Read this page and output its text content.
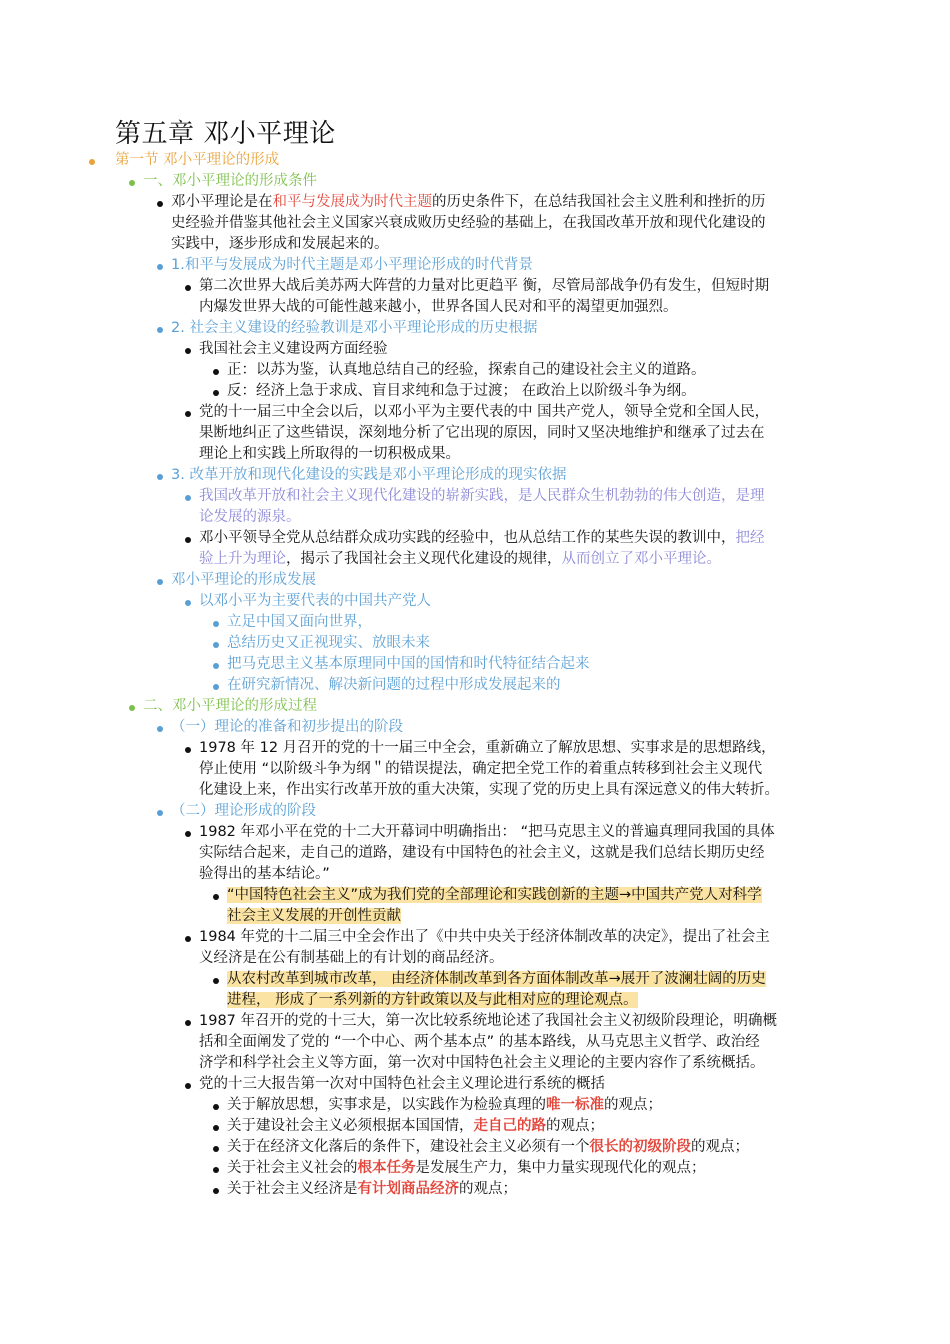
第五章 邓小平理论
第一节 邓小平理论的形成
一、邓小平理论的形成条件
邓小平理论是在和平与发展成为时代主题的历史条件下，在总结我国社会主义胜利和挫折的历
史经验并借鉴其他社会主义国家兴衰成败历史经验的基础上，在我国改革开放和现代化建设的
实践中，逐步形成和发展起来的。
1.和平与发展成为时代主题是邓小平理论形成的时代背景
第二次世界大战后美苏两大阵营的力量对比更趋平 衡，尽管局部战争仍有发生，但短时期
内爆发世界大战的可能性越来越小，世界各国人民对和平的渴望更加强烈。
2. 社会主义建设的经验教训是邓小平理论形成的历史根据
我国社会主义建设两方面经验
正：以苏为鉴，认真地总结自己的经验，探索自己的建设社会主义的道路。
反：经济上急于求成、盲目求纯和急于过渡； 在政治上以阶级斗争为纲。
党的十一届三中全会以后，以邓小平为主要代表的中 国共产党人，领导全党和全国人民，
果断地纠正了这些错误，深刻地分析了它出现的原因，同时又坚决地维护和继承了过去在
理论上和实践上所取得的一切积极成果。
3. 改革开放和现代化建设的实践是邓小平理论形成的现实依据
我国改革开放和社会主义现代化建设的崭新实践，是人民群众生机勃勃的伟大创造，是理
论发展的源泉。
邓小平领导全党从总结群众成功实践的经验中，也从总结工作的某些失误的教训中，把经
验上升为理论，揭示了我国社会主义现代化建设的规律，从而创立了邓小平理论。
邓小平理论的形成发展
以邓小平为主要代表的中国共产党人
立足中国又面向世界，
总结历史又正视现实、放眼未来
把马克思主义基本原理同中国的国情和时代特征结合起来
在研究新情况、解决新问题的过程中形成发展起来的
二、邓小平理论的形成过程
（一）理论的准备和初步提出的阶段
1978 年 12 月召开的党的十一届三中全会，重新确立了解放思想、实事求是的思想路线，
停止使用 “以阶级斗争为纲＂的错误提法，确定把全党工作的着重点转移到社会主义现代
化建设上来，作出实行改革开放的重大决策，实现了党的历史上具有深远意义的伟大转折。
（二）理论形成的阶段
1982 年邓小平在党的十二大开幕词中明确指出： “把马克思主义的普遍真理同我国的具体
实际结合起来，走自己的道路，建设有中国特色的社会主义，这就是我们总结长期历史经
验得出的基本结论。”
“中国特色社会主义”成为我们党的全部理论和实践创新的主题→中国共产党人对科学
社会主义发展的开创性贡献
1984 年党的十二届三中全会作出了《中共中央关于经济体制改革的决定》，提出了社会主
义经济是在公有制基础上的有计划的商品经济。
从农村改革到城市改革， 由经济体制改革到各方面体制改革→展开了波澜壮阔的历史
进程， 形成了一系列新的方针政策以及与此相对应的理论观点。
1987 年召开的党的十三大，第一次比较系统地论述了我国社会主义初级阶段理论，明确概
括和全面阐发了党的 “一个中心、两个基本点” 的基本路线，从马克思主义哲学、政治经
济学和科学社会主义等方面，第一次对中国特色社会主义理论的主要内容作了系统概括。
党的十三大报告第一次对中国特色社会主义理论进行系统的概括
关于解放思想，实事求是，以实践作为检验真理的唯一标准的观点；
关于建设社会主义必须根据本国国情，走自己的路的观点；
关于在经济文化落后的条件下，建设社会主义必须有一个很长的初级阶段的观点；
关于社会主义社会的根本任务是发展生产力，集中力量实现现代化的观点；
关于社会主义经济是有计划商品经济的观点；
